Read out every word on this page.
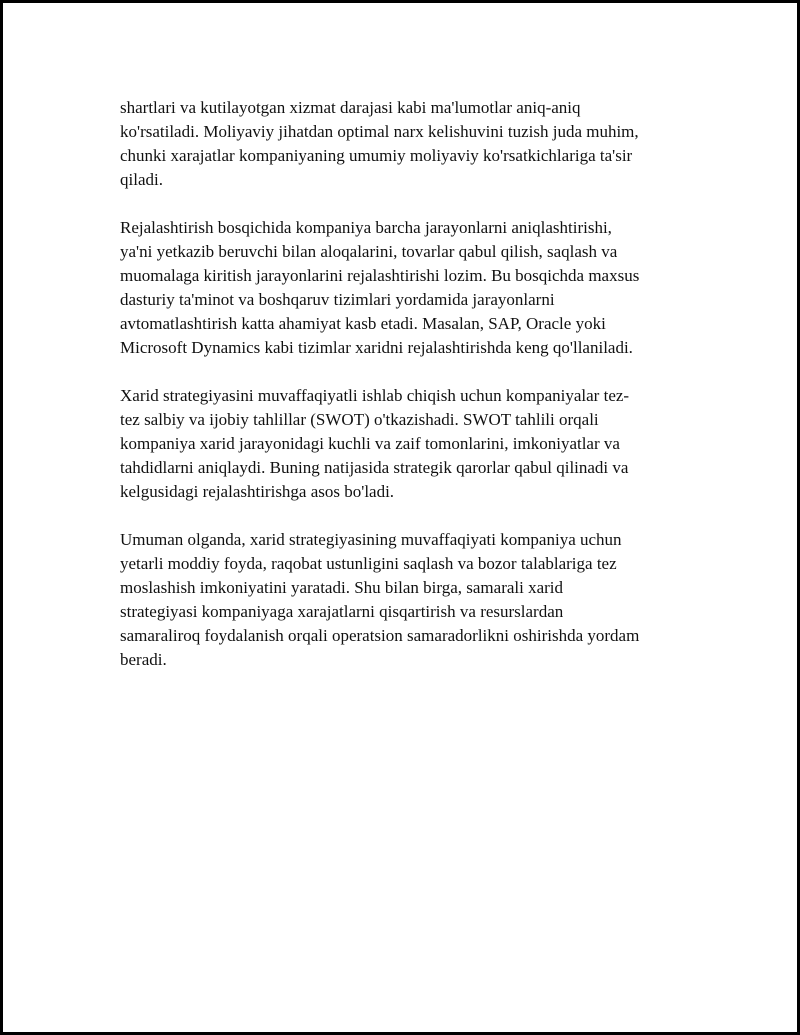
shartlari va kutilayotgan xizmat darajasi kabi ma'lumotlar aniq-aniq
ko'rsatiladi. Moliyaviy jihatdan optimal narx kelishuvini tuzish juda muhim,
chunki xarajatlar kompaniyaning umumiy moliyaviy ko'rsatkichlariga ta'sir
qiladi.

Rejalashtirish bosqichida kompaniya barcha jarayonlarni aniqlashtirishi,
ya'ni yetkazib beruvchi bilan aloqalarini, tovarlar qabul qilish, saqlash va
muomalaga kiritish jarayonlarini rejalashtirishi lozim. Bu bosqichda maxsus
dasturiy ta'minot va boshqaruv tizimlari yordamida jarayonlarni
avtomatlashtirish katta ahamiyat kasb etadi. Masalan, SAP, Oracle yoki
Microsoft Dynamics kabi tizimlar xaridni rejalashtirishda keng qo'llaniladi.

Xarid strategiyasini muvaffaqiyatli ishlab chiqish uchun kompaniyalar tez-
tez salbiy va ijobiy tahlillar (SWOT) o'tkazishadi. SWOT tahlili orqali
kompaniya xarid jarayonidagi kuchli va zaif tomonlarini, imkoniyatlar va
tahdidlarni aniqlaydi. Buning natijasida strategik qarorlar qabul qilinadi va
kelgusidagi rejalashtirishga asos bo'ladi.

Umuman olganda, xarid strategiyasining muvaffaqiyati kompaniya uchun
yetarli moddiy foyda, raqobat ustunligini saqlash va bozor talablariga tez
moslashish imkoniyatini yaratadi. Shu bilan birga, samarali xarid
strategiyasi kompaniyaga xarajatlarni qisqartirish va resurslardan
samaraliroq foydalanish orqali operatsion samaradorlikni oshirishda yordam
beradi.
